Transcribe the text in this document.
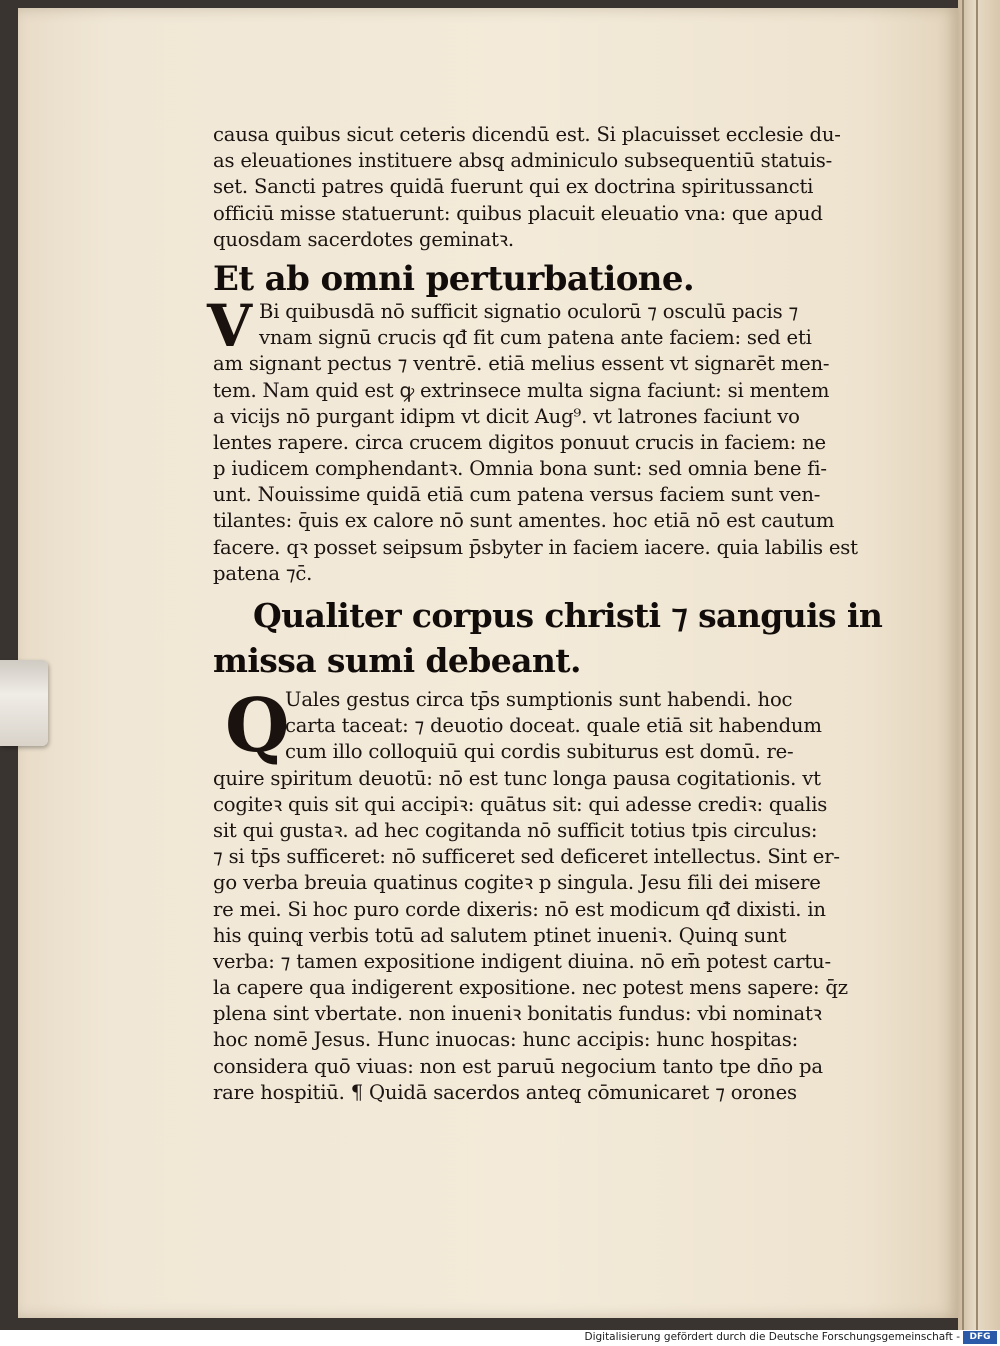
causa quibus sicut ceteris dicendū est. Si placuisset ecclesie du-
as eleuationes instituere absq̨ adminiculo subsequentiū statuis-
set. Sancti patres quidā fuerunt qui ex doctrina spiritussancti
officiū misse statuerunt: quibus placuit eleuatio vna: que apud
quosdam sacerdotes geminatꝛ.
Et ab omni perturbatione.
V Bi quibusdā nō sufficit signatio oculorū ⁊ osculū pacis ⁊
vnam signū crucis qđ fit cum patena ante faciem: sed eti
am signant pectus ⁊ ventrē. etiā melius essent vt signarēt men-
tem. Nam quid est ꝙ extrinsece multa signa faciunt: si mentem
a vicijs nō purgant idipm vt dicit Aug⁹. vt latrones faciunt vo
lentes rapere. circa crucem digitos ponuut crucis in faciem: ne
p iudicem comphendantꝛ. Omnia bona sunt: sed omnia bene fi-
unt. Nouissime quidā etiā cum patena versus faciem sunt ven-
tilantes: q̄uis ex calore nō sunt amentes. hoc etiā nō est cautum
facere. qꝛ posset seipsum p̄sbyter in faciem iacere. quia labilis est
patena ⁊c̄.
Qualiter corpus christi ⁊ sanguis in
missa sumi debeant.
Q
Uales gestus circa tp̄s sumptionis sunt habendi. hoc
carta taceat: ⁊ deuotio doceat. quale etiā sit habendum
cum illo colloquiū qui cordis subiturus est domū. re-
quire spiritum deuotū: nō est tunc longa pausa cogitationis. vt
cogiteꝛ quis sit qui accipiꝛ: quātus sit: qui adesse crediꝛ: qualis
sit qui gustaꝛ. ad hec cogitanda nō sufficit totius tpis circulus:
⁊ si tp̄s sufficeret: nō sufficeret sed deficeret intellectus. Sint er-
go verba breuia quatinus cogiteꝛ p singula. Jesu fili dei misere
re mei. Si hoc puro corde dixeris: nō est modicum qđ dixisti. in
his quinq̨ verbis totū ad salutem ptinet inueniꝛ. Quinq̨ sunt
verba: ⁊ tamen expositione indigent diuina. nō em̄ potest cartu-
la capere qua indigerent expositione. nec potest mens sapere: q̄z
plena sint vbertate. non inueniꝛ bonitatis fundus: vbi nominatꝛ
hoc nomē Jesus. Hunc inuocas: hunc accipis: hunc hospitas:
considera quō viuas: non est paruū negocium tanto tpe dn̄o pa
rare hospitiū. ¶ Quidā sacerdos anteq̨ cōmunicaret ⁊ orones
Digitalisierung gefördert durch die Deutsche Forschungsgemeinschaft -	DFG
